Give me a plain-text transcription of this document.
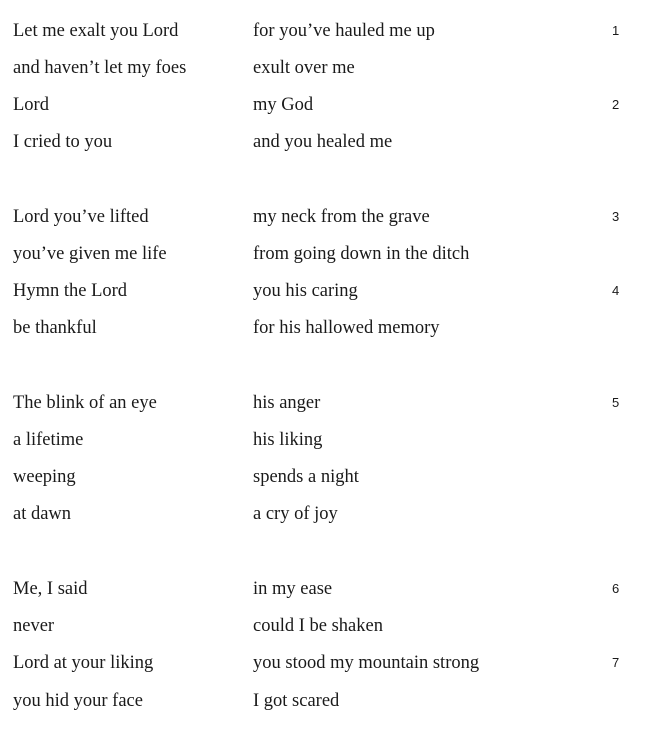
Let me exalt you Lord	for you’ve hauled me up	1
and haven’t let my foes	exult over me
Lord	my God	2
I cried to you	and you healed me
Lord you’ve lifted	my neck from the grave	3
you’ve given me life	from going down in the ditch
Hymn the Lord	you his caring	4
be thankful	for his hallowed memory
The blink of an eye	his anger	5
a lifetime	his liking
weeping	spends a night
at dawn	a cry of joy
Me, I said	in my ease	6
never	could I be shaken
Lord at your liking	you stood my mountain strong	7
you hid your face	I got scared
